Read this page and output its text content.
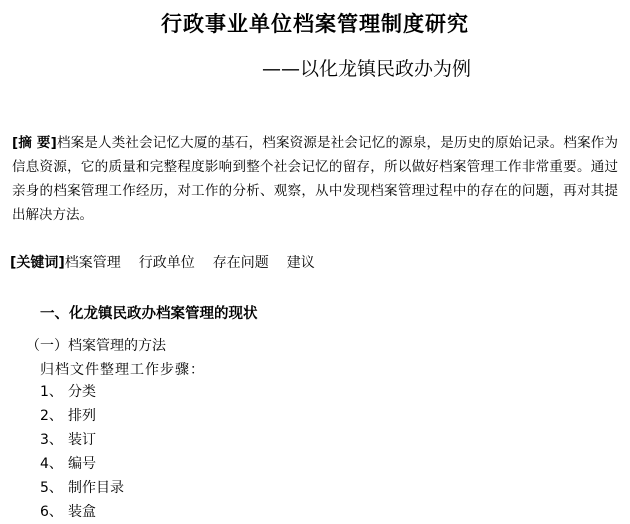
行政事业单位档案管理制度研究
——以化龙镇民政办为例
[摘 要]档案是人类社会记忆大厦的基石，档案资源是社会记忆的源泉，是历史的原始记录。档案作为信息资源，它的质量和完整程度影响到整个社会记忆的留存，所以做好档案管理工作非常重要。通过亲身的档案管理工作经历，对工作的分析、观察，从中发现档案管理过程中的存在的问题，再对其提出解决方法。
[关键词]档案管理 行政单位 存在问题 建议
一、化龙镇民政办档案管理的现状
（一）档案管理的方法
归档文件整理工作步骤：
1、 分类
2、 排列
3、 装订
4、 编号
5、 制作目录
6、 装盒
